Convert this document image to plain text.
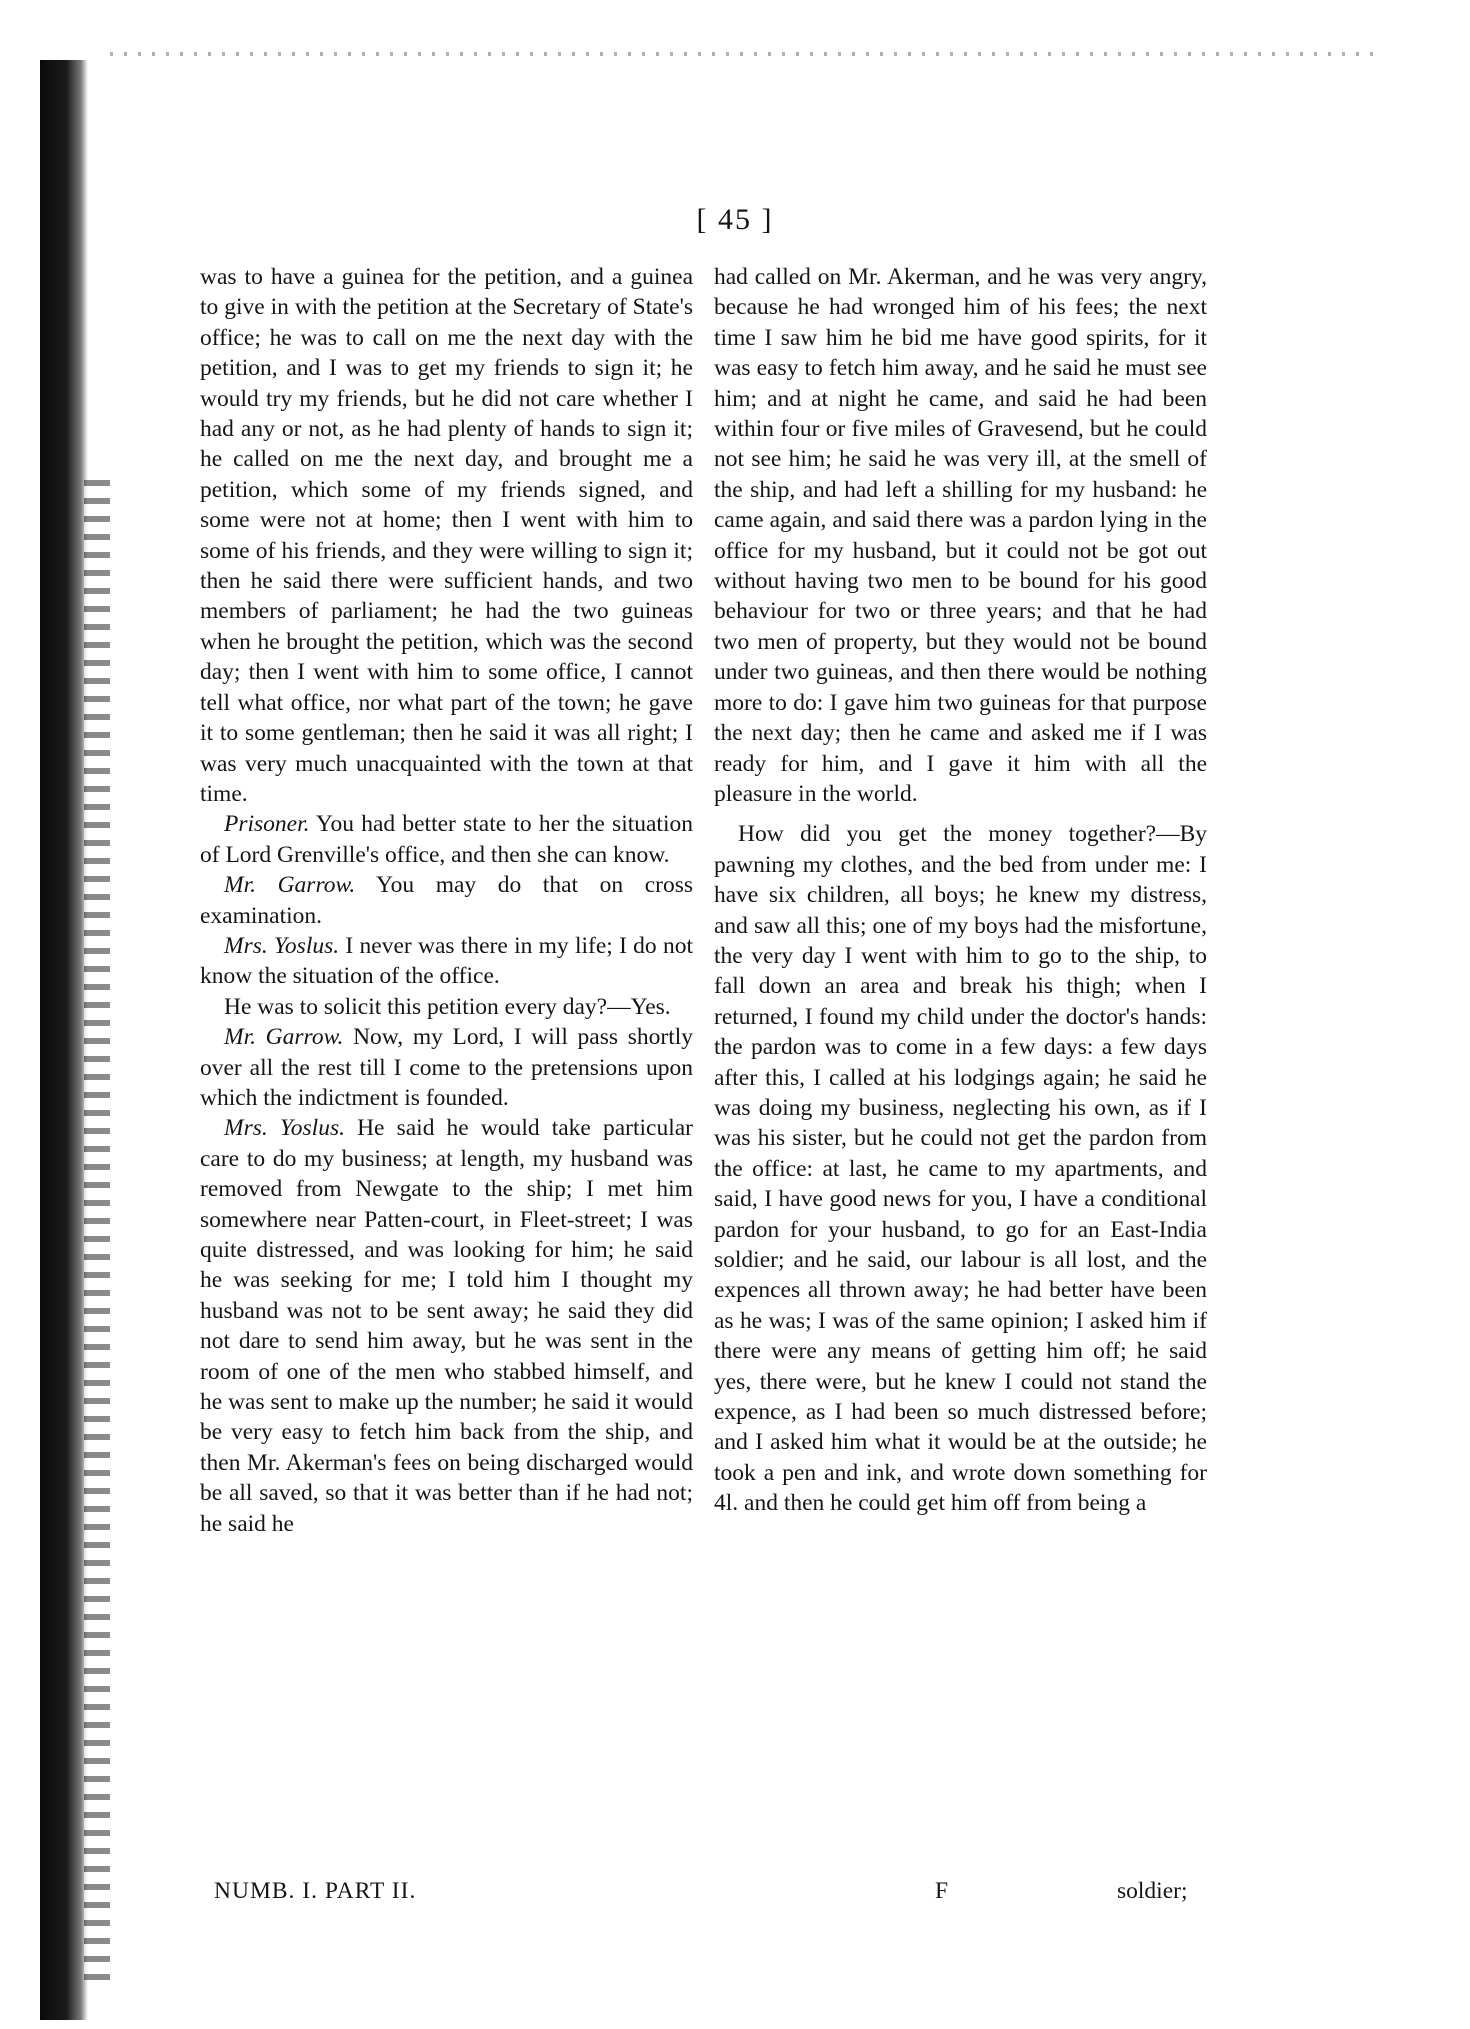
[ 45 ]

was to have a guinea for the petition, and a guinea to give in with the petition at the Secretary of State's office; he was to call on me the next day with the petition, and I was to get my friends to sign it; he would try my friends, but he did not care whether I had any or not, as he had plenty of hands to sign it; he called on me the next day, and brought me a petition, which some of my friends signed, and some were not at home; then I went with him to some of his friends, and they were willing to sign it; then he said there were sufficient hands, and two members of parliament; he had the two guineas when he brought the petition, which was the second day; then I went with him to some office, I cannot tell what office, nor what part of the town; he gave it to some gentleman; then he said it was all right; I was very much unacquainted with the town at that time.

Prisoner. You had better state to her the situation of Lord Grenville's office, and then she can know.

Mr. Garrow. You may do that on cross examination.

Mrs. Yoslus. I never was there in my life; I do not know the situation of the office.

He was to solicit this petition every day?—Yes.

Mr. Garrow. Now, my Lord, I will pass shortly over all the rest till I come to the pretensions upon which the indictment is founded.

Mrs. Yoslus. He said he would take particular care to do my business; at length, my husband was removed from Newgate to the ship; I met him somewhere near Patten-court, in Fleet-street; I was quite distressed, and was looking for him; he said he was seeking for me; I told him I thought my husband was not to be sent away; he said they did not dare to send him away, but he was sent in the room of one of the men who stabbed himself, and he was sent to make up the number; he said it would be very easy to fetch him back from the ship, and then Mr. Akerman's fees on being discharged would be all saved, so that it was better than if he had not; he said he

had called on Mr. Akerman, and he was very angry, because he had wronged him of his fees; the next time I saw him he bid me have good spirits, for it was easy to fetch him away, and he said he must see him; and at night he came, and said he had been within four or five miles of Gravesend, but he could not see him; he said he was very ill, at the smell of the ship, and had left a shilling for my husband: he came again, and said there was a pardon lying in the office for my husband, but it could not be got out without having two men to be bound for his good behaviour for two or three years; and that he had two men of property, but they would not be bound under two guineas, and then there would be nothing more to do: I gave him two guineas for that purpose the next day; then he came and asked me if I was ready for him, and I gave it him with all the pleasure in the world.

How did you get the money together?—By pawning my clothes, and the bed from under me: I have six children, all boys; he knew my distress, and saw all this; one of my boys had the misfortune, the very day I went with him to go to the ship, to fall down an area and break his thigh; when I returned, I found my child under the doctor's hands: the pardon was to come in a few days: a few days after this, I called at his lodgings again; he said he was doing my business, neglecting his own, as if I was his sister, but he could not get the pardon from the office: at last, he came to my apartments, and said, I have good news for you, I have a conditional pardon for your husband, to go for an East-India soldier; and he said, our labour is all lost, and the expences all thrown away; he had better have been as he was; I was of the same opinion; I asked him if there were any means of getting him off; he said yes, there were, but he knew I could not stand the expence, as I had been so much distressed before; and I asked him what it would be at the outside; he took a pen and ink, and wrote down something for 4l. and then he could get him off from being a

NUMB. I. PART II.	F	soldier;
